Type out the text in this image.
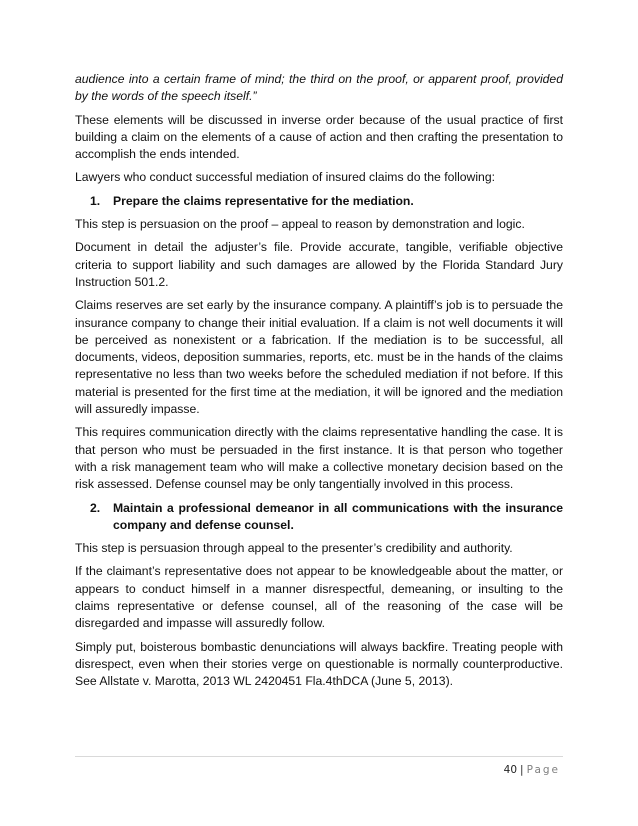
audience into a certain frame of mind; the third on the proof, or apparent proof, provided by the words of the speech itself.”

These elements will be discussed in inverse order because of the usual practice of first building a claim on the elements of a cause of action and then crafting the presentation to accomplish the ends intended.

Lawyers who conduct successful mediation of insured claims do the following:

1.	Prepare the claims representative for the mediation.

This step is persuasion on the proof – appeal to reason by demonstration and logic.

Document in detail the adjuster’s file. Provide accurate, tangible, verifiable objective criteria to support liability and such damages are allowed by the Florida Standard Jury Instruction 501.2.

Claims reserves are set early by the insurance company. A plaintiff’s job is to persuade the insurance company to change their initial evaluation. If a claim is not well documents it will be perceived as nonexistent or a fabrication. If the mediation is to be successful, all documents, videos, deposition summaries, reports, etc. must be in the hands of the claims representative no less than two weeks before the scheduled mediation if not before. If this material is presented for the first time at the mediation, it will be ignored and the mediation will assuredly impasse.

This requires communication directly with the claims representative handling the case. It is that person who must be persuaded in the first instance. It is that person who together with a risk management team who will make a collective monetary decision based on the risk assessed. Defense counsel may be only tangentially involved in this process.

2.	Maintain a professional demeanor in all communications with the insurance company and defense counsel.

This step is persuasion through appeal to the presenter’s credibility and authority.

If the claimant’s representative does not appear to be knowledgeable about the matter, or appears to conduct himself in a manner disrespectful, demeaning, or insulting to the claims representative or defense counsel, all of the reasoning of the case will be disregarded and impasse will assuredly follow.

Simply put, boisterous bombastic denunciations will always backfire. Treating people with disrespect, even when their stories verge on questionable is normally counterproductive. See Allstate v. Marotta, 2013 WL 2420451 Fla.4thDCA (June 5, 2013).

40 | Page
